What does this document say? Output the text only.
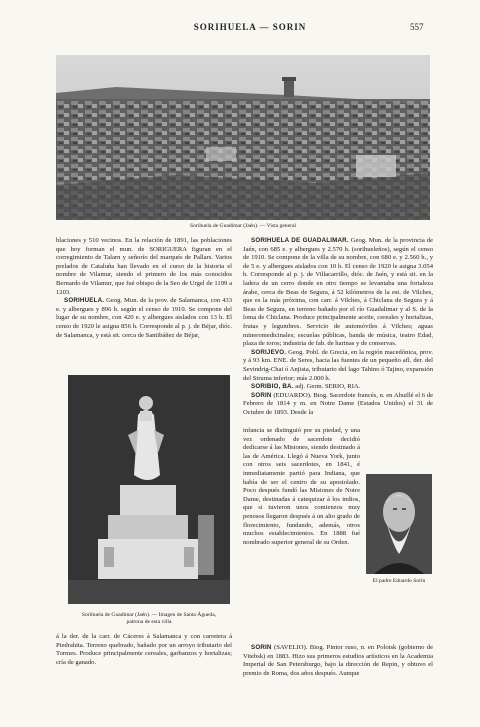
SORIHUELA — SORIN	557
Sorihuela de Guadimar (Jaén). — Vista general

blaciones y 510 vecinos. En la relación de 1891, las poblaciones que hoy forman el mun. de SORIGUERA figuran en el corregimiento de Talarn y señorío del marqués de Pallars. Varios prelados de Cataluña han llevado en el curso de la historia el nombre de Vilamur, siendo el primero de los más conocidos Bernardo de Vilamur, que fué obispo de la Seo de Urgel de 1199 a 1203.

SORIHUELA. Geog. Mun. de la prov. de Salamanca, con 433 e. y albergues y 896 h. según el censo de 1910. Se compone del lugar de su nombre, con 420 e. y albergues aislados con 13 h. El censo de 1920 le asigna 856 h. Corresponde al p. j. de Béjar, dióc. de Salamanca, y está sit. cerca de Santibáñez de Béjar,

Sorihuela de Guadimar (Jaén). — Imagen de Santa Águeda,
patrona de esta villa

á la der. de la carr. de Cáceres á Salamanca y con carretera á Piedrahita. Terreno quebrado, bañado por un arroyo tributario del Tormes. Produce principalmente cereales, garbanzos y hortalizas; cría de ganado.

SORIHUELA DE GUADALIMAR. Geog. Mun. de la provincia de Jaén, con 685 e. y albergues y 2.570 h. (sorihueleños), según el censo de 1910. Se compone de la villa de su nombre, con 680 e. y 2.560 h., y de 5 e. y albergues aislados con 10 h. El censo de 1920 le asigna 3.054 h. Corresponde al p. j. de Villacarrillo, dióc. de Jaén, y está sit. en la ladera de un cerro donde en otro tiempo se levantaba una fortaleza árabe, cerca de Beas de Segura, á 52 kilómetros de la est. de Vilches, que es la más próxima, con carr. á Vilches, á Chiclana de Segura y á Beas de Segura, en terreno bañado por el río Guadalimar y al S. de la loma de Chiclana. Produce principalmente aceite, cereales y hortalizas, frutas y legumbres. Servicio de automóviles á Vilches; aguas mineromedicinales; escuelas públicas, banda de música, teatro Edad, plaza de toros; industria de fab. de harinas y de conservas.

SORIJEVO. Geog. Pobl. de Grecia, en la región macedónica, prov. y á 93 km. ENE. de Seres, hacia las fuentes de un pequeño afl. der. del Sevindrig-Chai ó Anjista, tributario del lago Tahino ó Tajino, expansión del Struma inferior; más 2.000 h.

SORIBIO, BA. adj. Germ. SERIO, RIA.

SORIN (EDUARDO). Biog. Sacerdote francés, n. en Ahuillé el 6 de Febrero de 1814 y m. en Notre Dame (Estados Unidos) el 31 de Octubre de 1893. Desde la

infancia se distinguió por su piedad, y una vez ordenado de sacerdote decidió dedicarse á las Misiones, siendo destinado á las de América. Llegó á Nueva York, junto con otros seis sacerdotes, en 1841, é inmediatamente partió para Indiana, que había de ser el centro de su apostolado. Poco después fundó las Misiones de Notre Dame, destinadas á catequizar á los indios, que si tuvieron unos comienzos muy penosos llegaron después á un alto grado de florecimiento, fundando, además, otros muchos establecimientos. En 1888 fué nombrado superior general de su Orden.

El padre Eduardo Sorin

SORIN (SAVELIO). Biog. Pintor ruso, n. en Polotsk (gobierno de Vitebsk) en 1883. Hizo sus primeros estudios artísticos en la Academia Imperial de San Petersburgo, bajo la dirección de Repin, y obtuvo el premio de Roma, dos años después. Aunque
